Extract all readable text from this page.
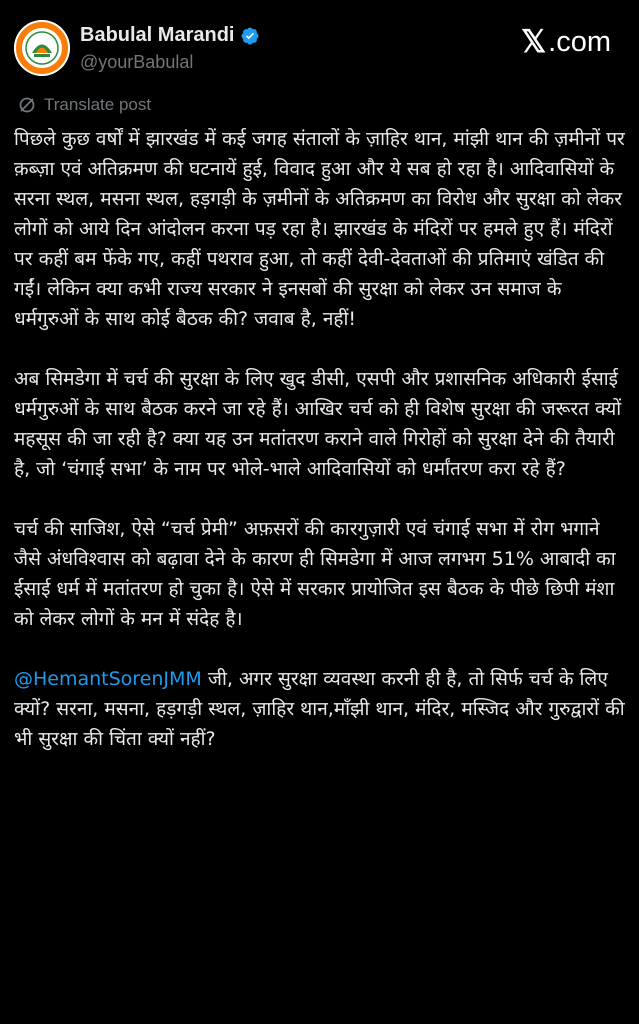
Babulal Marandi
@yourBabulal
𝕏 .com
Translate post

पिछले कुछ वर्षों में झारखंड में कई जगह संतालों के ज़ाहिर थान, मांझी थान की ज़मीनों पर क़ब्ज़ा एवं अतिक्रमण की घटनायें हुई, विवाद हुआ और ये सब हो रहा है। आदिवासियों के सरना स्थल, मसना स्थल, हड़गड़ी के ज़मीनों के अतिक्रमण का विरोध और सुरक्षा को लेकर लोगों को आये दिन आंदोलन करना पड़ रहा है। झारखंड के मंदिरों पर हमले हुए हैं। मंदिरों पर कहीं बम फेंके गए, कहीं पथराव हुआ, तो कहीं देवी-देवताओं की प्रतिमाएं खंडित की गईं। लेकिन क्या कभी राज्य सरकार ने इनसबों की सुरक्षा को लेकर उन समाज के धर्मगुरुओं के साथ कोई बैठक की? जवाब है, नहीं!

अब सिमडेगा में चर्च की सुरक्षा के लिए खुद डीसी, एसपी और प्रशासनिक अधिकारी ईसाई धर्मगुरुओं के साथ बैठक करने जा रहे हैं। आखिर चर्च को ही विशेष सुरक्षा की जरूरत क्यों महसूस की जा रही है? क्या यह उन मतांतरण कराने वाले गिरोहों को सुरक्षा देने की तैयारी है, जो ‘चंगाई सभा’ के नाम पर भोले-भाले आदिवासियों को धर्मांतरण करा रहे हैं?

चर्च की साजिश, ऐसे “चर्च प्रेमी” अफ़सरों की कारगुज़ारी एवं चंगाई सभा में रोग भगाने जैसे अंधविश्वास को बढ़ावा देने के कारण ही सिमडेगा में आज लगभग 51% आबादी का ईसाई धर्म में मतांतरण हो चुका है। ऐसे में सरकार प्रायोजित इस बैठक के पीछे छिपी मंशा को लेकर लोगों के मन में संदेह है।

@HemantSorenJMM जी, अगर सुरक्षा व्यवस्था करनी ही है, तो सिर्फ चर्च के लिए क्यों? सरना, मसना, हड़गड़ी स्थल, ज़ाहिर थान,माँझी थान, मंदिर, मस्जिद और गुरुद्वारों की भी सुरक्षा की चिंता क्यों नहीं?
